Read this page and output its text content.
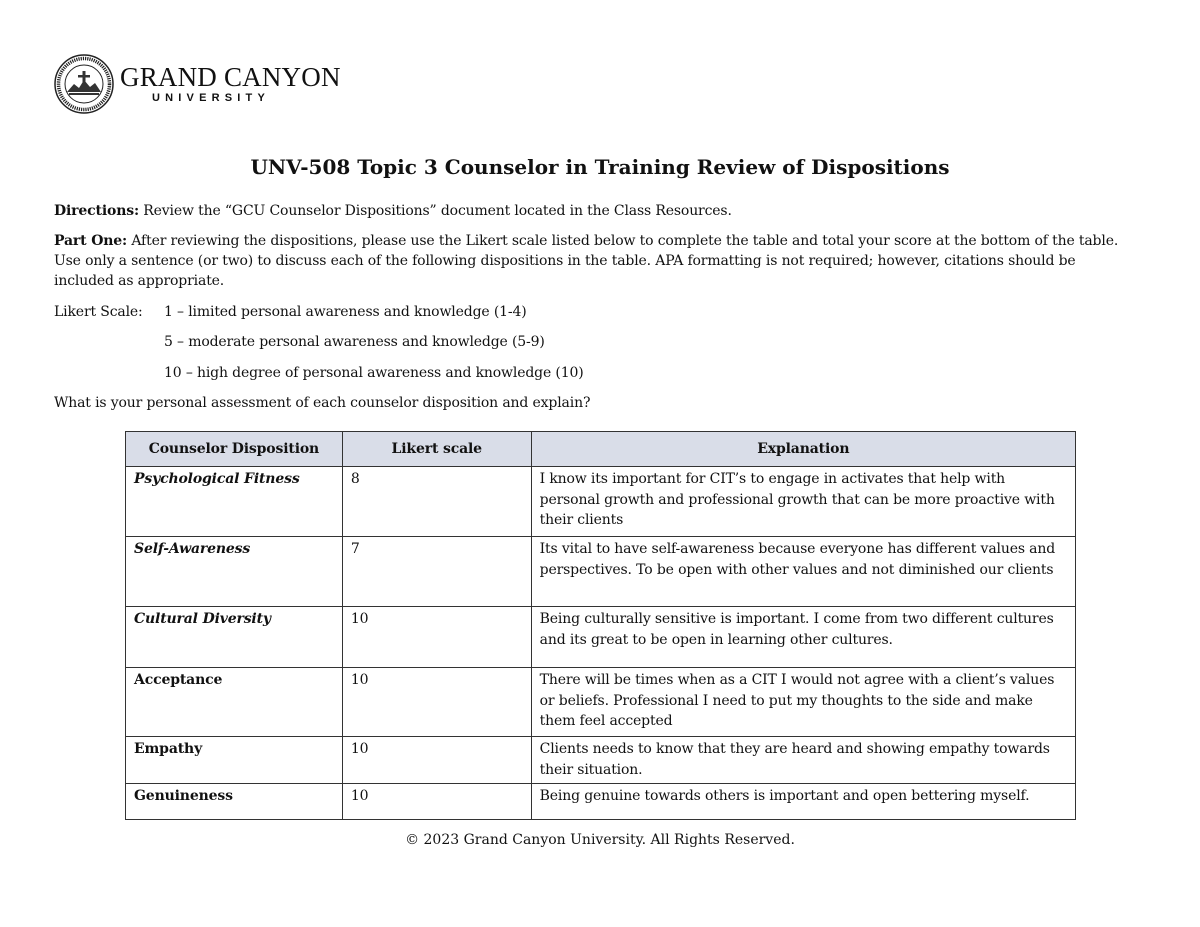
GRAND CANYON
UNIVERSITY
UNV-508 Topic 3 Counselor in Training Review of Dispositions
Directions: Review the “GCU Counselor Dispositions” document located in the Class Resources.
Part One: After reviewing the dispositions, please use the Likert scale listed below to complete the table and total your score at the bottom of the table. Use only a sentence (or two) to discuss each of the following dispositions in the table. APA formatting is not required; however, citations should be included as appropriate.
Likert Scale: 1 – limited personal awareness and knowledge (1-4)
5 – moderate personal awareness and knowledge (5-9)
10 – high degree of personal awareness and knowledge (10)
What is your personal assessment of each counselor disposition and explain?
Counselor Disposition	Likert scale	Explanation
Psychological Fitness	8	I know its important for CIT’s to engage in activates that help with personal growth and professional growth that can be more proactive with their clients
Self-Awareness	7	Its vital to have self-awareness because everyone has different values and perspectives. To be open with other values and not diminished our clients
Cultural Diversity	10	Being culturally sensitive is important. I come from two different cultures and its great to be open in learning other cultures.
Acceptance	10	There will be times when as a CIT I would not agree with a client’s values or beliefs. Professional I need to put my thoughts to the side and make them feel accepted
Empathy	10	Clients needs to know that they are heard and showing empathy towards their situation.
Genuineness	10	Being genuine towards others is important and open bettering myself.
© 2023 Grand Canyon University. All Rights Reserved.
